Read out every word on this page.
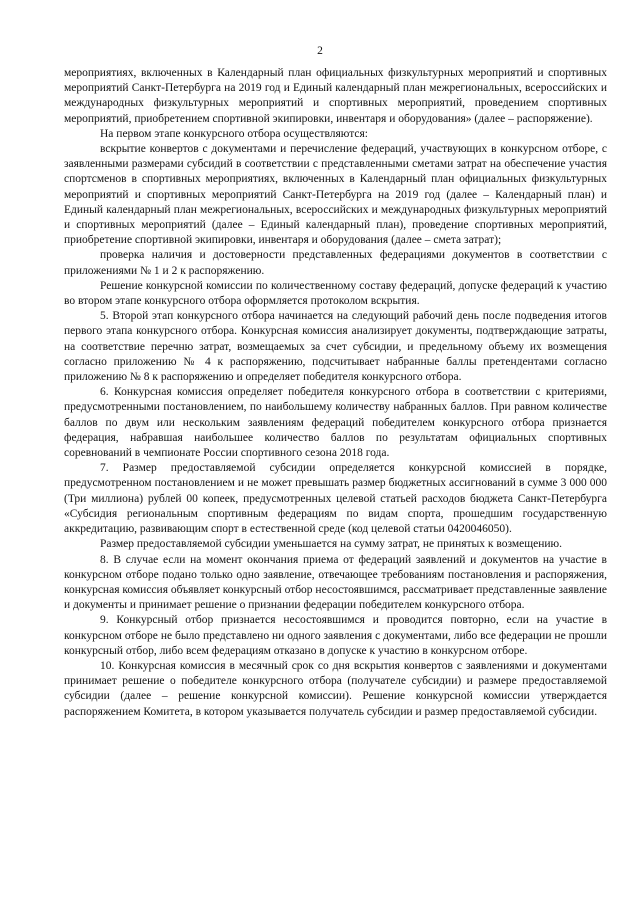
2

мероприятиях, включенных в Календарный план официальных физкультурных мероприятий и спортивных мероприятий Санкт-Петербурга на 2019 год и Единый календарный план межрегиональных, всероссийских и международных физкультурных мероприятий и спортивных мероприятий, проведением спортивных мероприятий, приобретением спортивной экипировки, инвентаря и оборудования» (далее – распоряжение).

На первом этапе конкурсного отбора осуществляются:

вскрытие конвертов с документами и перечисление федераций, участвующих в конкурсном отборе, с заявленными размерами субсидий в соответствии с представленными сметами затрат на обеспечение участия спортсменов в спортивных мероприятиях, включенных в Календарный план официальных физкультурных мероприятий и спортивных мероприятий Санкт-Петербурга на 2019 год (далее – Календарный план) и Единый календарный план межрегиональных, всероссийских и международных физкультурных мероприятий и спортивных мероприятий (далее – Единый календарный план), проведение спортивных мероприятий, приобретение спортивной экипировки, инвентаря и оборудования (далее – смета затрат);

проверка наличия и достоверности представленных федерациями документов в соответствии с приложениями № 1 и 2 к распоряжению.

Решение конкурсной комиссии по количественному составу федераций, допуске федераций к участию во втором этапе конкурсного отбора оформляется протоколом вскрытия.

5. Второй этап конкурсного отбора начинается на следующий рабочий день после подведения итогов первого этапа конкурсного отбора. Конкурсная комиссия анализирует документы, подтверждающие затраты, на соответствие перечню затрат, возмещаемых за счет субсидии, и предельному объему их возмещения согласно приложению № 4 к распоряжению, подсчитывает набранные баллы претендентами согласно приложению № 8 к распоряжению и определяет победителя конкурсного отбора.

6. Конкурсная комиссия определяет победителя конкурсного отбора в соответствии с критериями, предусмотренными постановлением, по наибольшему количеству набранных баллов. При равном количестве баллов по двум или нескольким заявлениям федераций победителем конкурсного отбора признается федерация, набравшая наибольшее количество баллов по результатам официальных спортивных соревнований в чемпионате России спортивного сезона 2018 года.

7. Размер предоставляемой субсидии определяется конкурсной комиссией в порядке, предусмотренном постановлением и не может превышать размер бюджетных ассигнований в сумме 3 000 000 (Три миллиона) рублей 00 копеек, предусмотренных целевой статьей расходов бюджета Санкт-Петербурга «Субсидия региональным спортивным федерациям по видам спорта, прошедшим государственную аккредитацию, развивающим спорт в естественной среде (код целевой статьи 0420046050).

Размер предоставляемой субсидии уменьшается на сумму затрат, не принятых к возмещению.

8. В случае если на момент окончания приема от федераций заявлений и документов на участие в конкурсном отборе подано только одно заявление, отвечающее требованиям постановления и распоряжения, конкурсная комиссия объявляет конкурсный отбор несостоявшимся, рассматривает представленные заявление и документы и принимает решение о признании федерации победителем конкурсного отбора.

9. Конкурсный отбор признается несостоявшимся и проводится повторно, если на участие в конкурсном отборе не было представлено ни одного заявления с документами, либо все федерации не прошли конкурсный отбор, либо всем федерациям отказано в допуске к участию в конкурсном отборе.

10. Конкурсная комиссия в месячный срок со дня вскрытия конвертов с заявлениями и документами принимает решение о победителе конкурсного отбора (получателе субсидии) и размере предоставляемой субсидии (далее – решение конкурсной комиссии). Решение конкурсной комиссии утверждается распоряжением Комитета, в котором указывается получатель субсидии и размер предоставляемой субсидии.
